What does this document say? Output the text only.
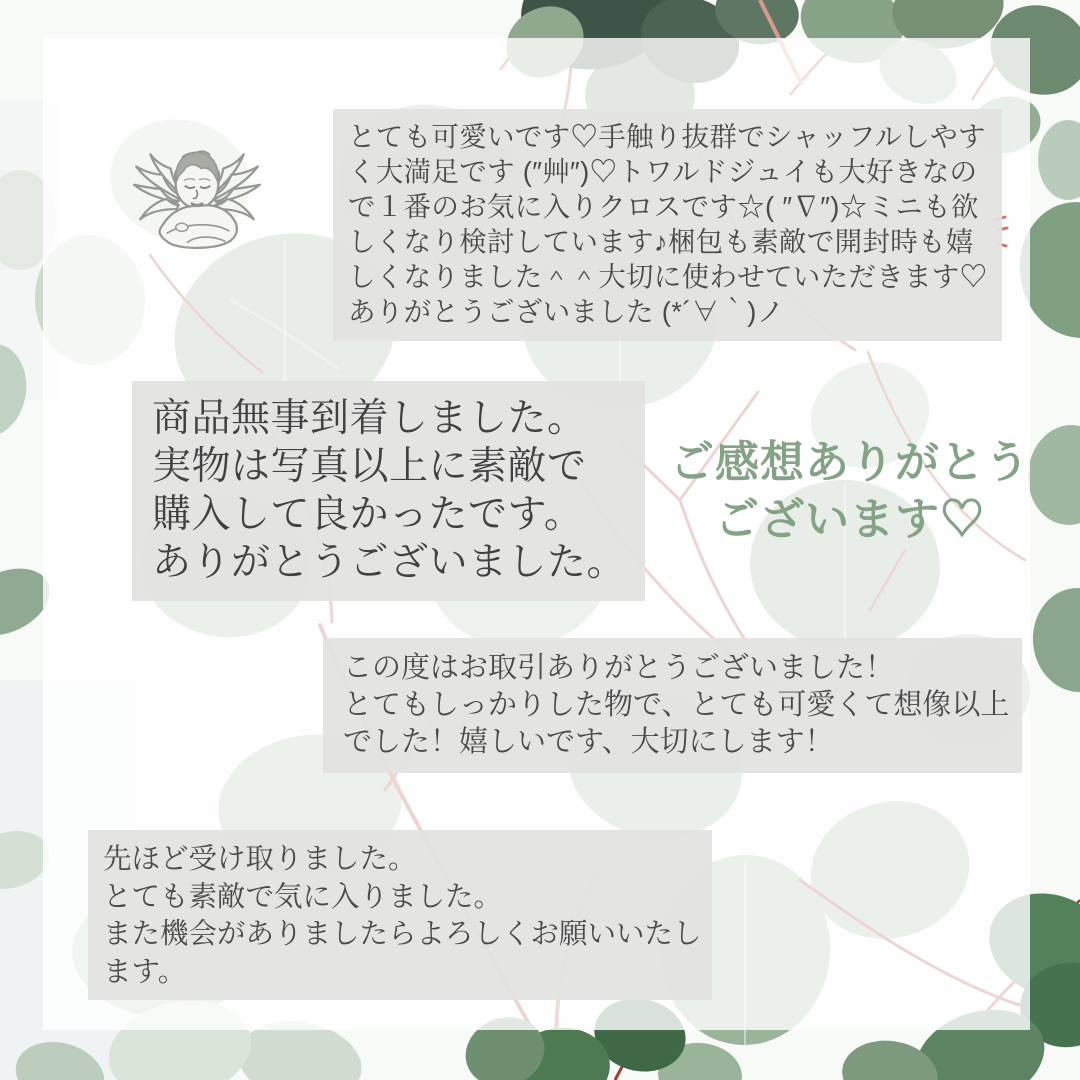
とても可愛いです♡手触り抜群でシャッフルしやす
く大満足です (″艸″)♡トワルドジュイも大好きなの
で１番のお気に入りクロスです☆( ″∇″)☆ミニも欲
しくなり検討しています♪梱包も素敵で開封時も嬉
しくなりました＾＾大切に使わせていただきます♡
ありがとうございました (*´∀｀)ノ
商品無事到着しました。
実物は写真以上に素敵で
購入して良かったです。
ありがとうございました。
ご感想ありがとう
ございます♡
この度はお取引ありがとうございました！
とてもしっかりした物で、とても可愛くて想像以上
でした！嬉しいです、大切にします！
先ほど受け取りました。
とても素敵で気に入りました。
また機会がありましたらよろしくお願いいたし
ます。
